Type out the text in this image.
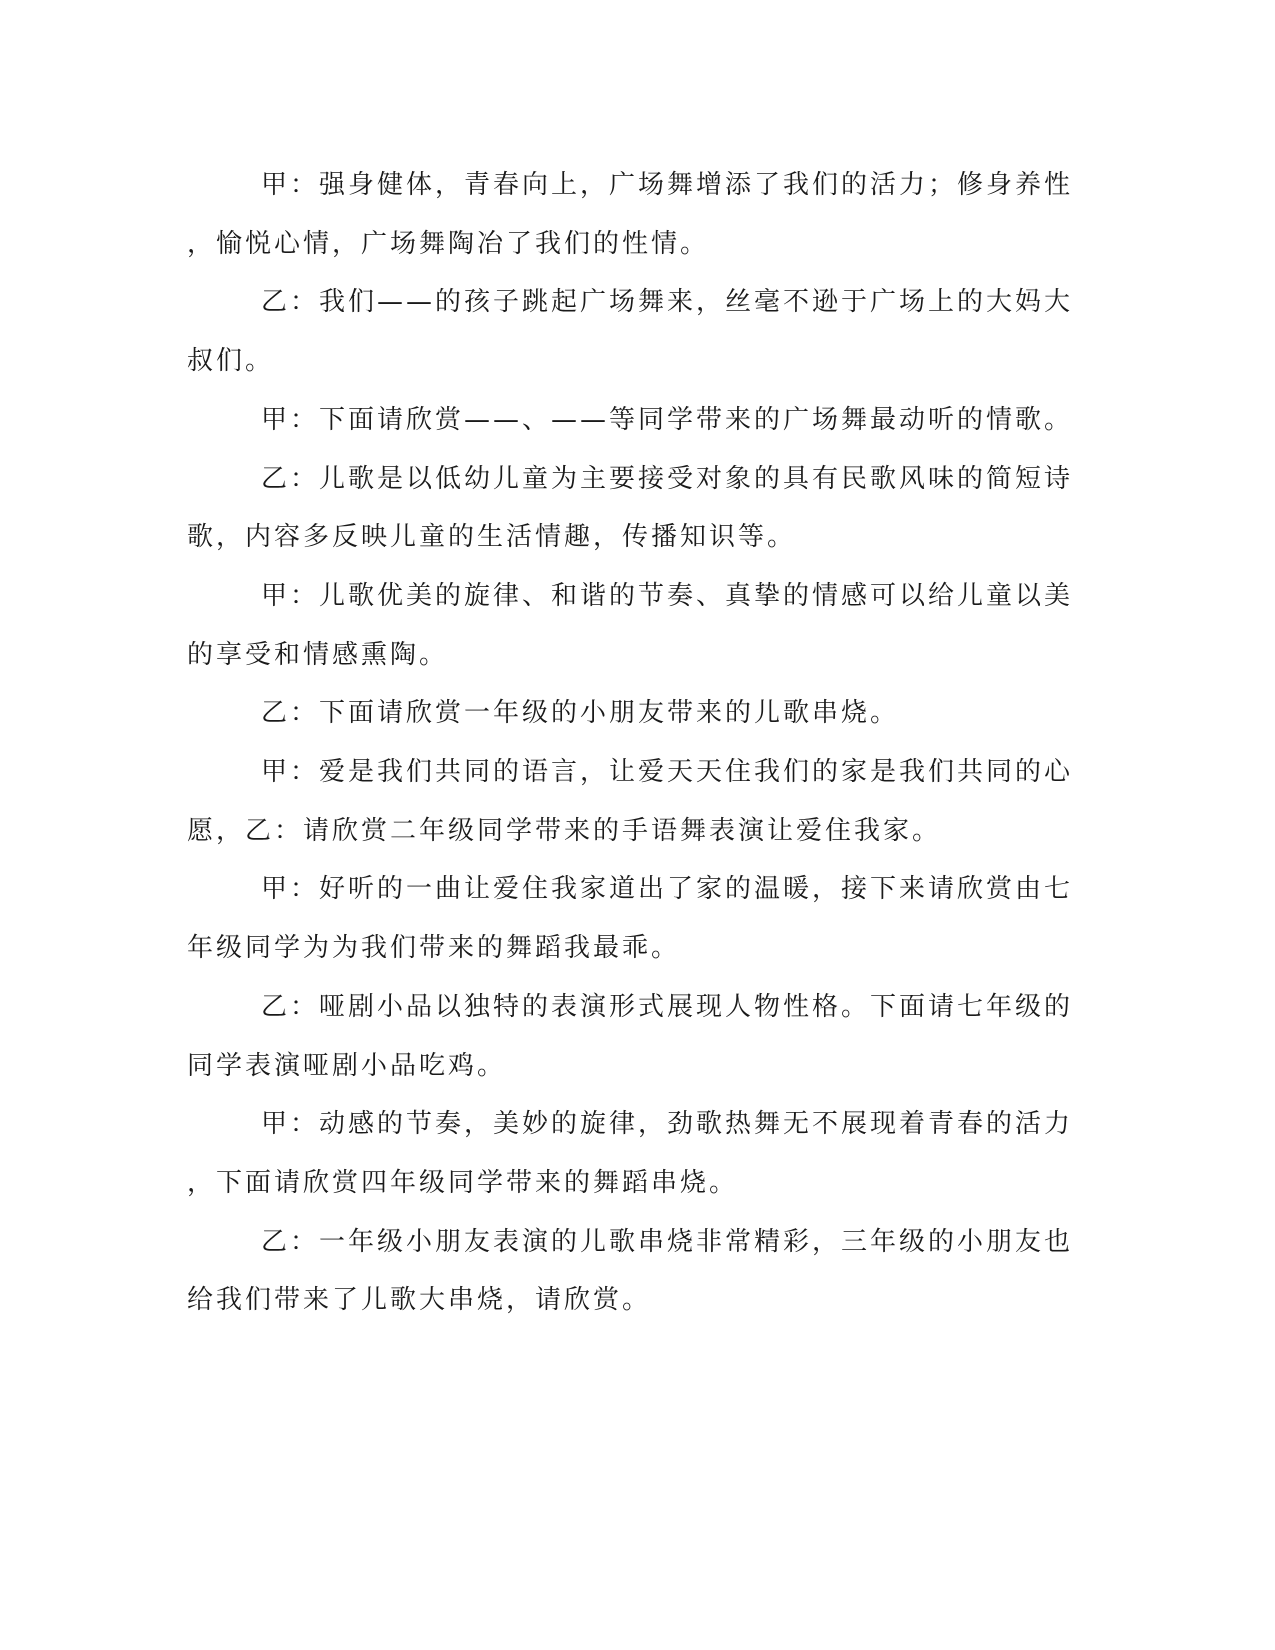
甲：强身健体，青春向上，广场舞增添了我们的活力；修身养性
，愉悦心情，广场舞陶冶了我们的性情。
乙：我们——的孩子跳起广场舞来，丝毫不逊于广场上的大妈大
叔们。
甲：下面请欣赏——、——等同学带来的广场舞最动听的情歌。
乙：儿歌是以低幼儿童为主要接受对象的具有民歌风味的简短诗
歌，内容多反映儿童的生活情趣，传播知识等。
甲：儿歌优美的旋律、和谐的节奏、真挚的情感可以给儿童以美
的享受和情感熏陶。
乙：下面请欣赏一年级的小朋友带来的儿歌串烧。
甲：爱是我们共同的语言，让爱天天住我们的家是我们共同的心
愿，乙：请欣赏二年级同学带来的手语舞表演让爱住我家。
甲：好听的一曲让爱住我家道出了家的温暖，接下来请欣赏由七
年级同学为为我们带来的舞蹈我最乖。
乙：哑剧小品以独特的表演形式展现人物性格。下面请七年级的
同学表演哑剧小品吃鸡。
甲：动感的节奏，美妙的旋律，劲歌热舞无不展现着青春的活力
，下面请欣赏四年级同学带来的舞蹈串烧。
乙：一年级小朋友表演的儿歌串烧非常精彩，三年级的小朋友也
给我们带来了儿歌大串烧，请欣赏。
